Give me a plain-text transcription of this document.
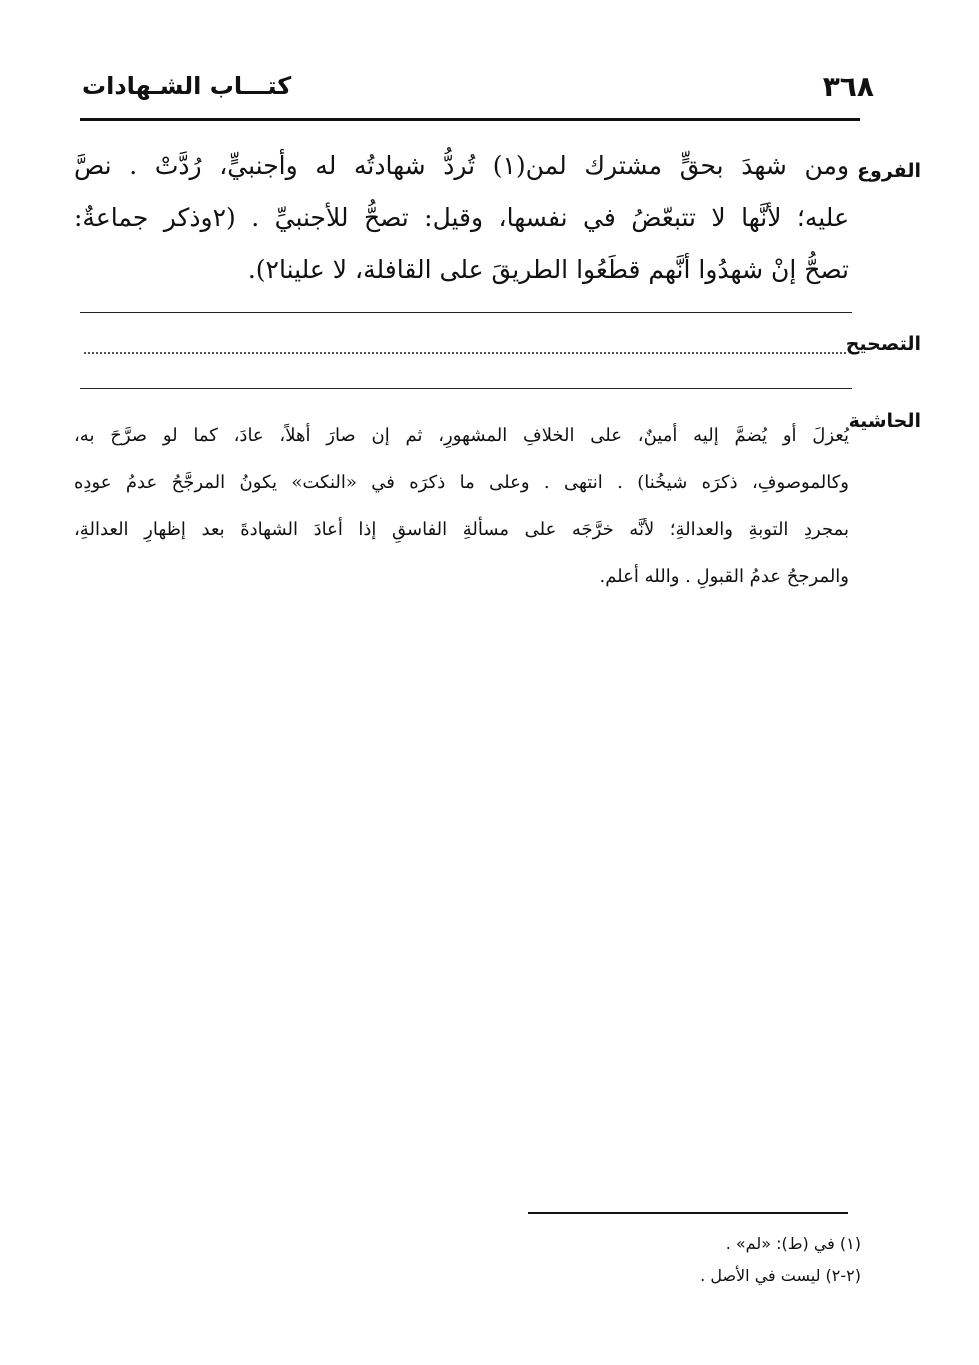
٣٦٨
كتـــاب الشـهادات
الفروع
التصحيح
الحاشية
ومن شهدَ بحقٍّ مشترك لمن(١) تُردُّ شهادتُه له وأجنبيٍّ، رُدَّتْ . نصَّ
عليه؛ لأنَّها لا تتبعّضُ في نفسها، وقيل: تصحُّ للأجنبيِّ . (٢وذكر جماعةٌ:
تصحُّ إنْ شهدُوا أنَّهم قطَعُوا الطريقَ على القافلة، لا علينا٢).
يُعزلَ أو يُضمَّ إليه أمينٌ، على الخلافِ المشهورِ، ثم إن صارَ أهلاً، عادَ، كما لو صرَّحَ به،
وكالموصوفِ، ذكرَه شيخُنا) . انتهى . وعلى ما ذكرَه في «النكت» يكونُ المرجَّحُ عدمُ عودِه
بمجردِ التوبةِ والعدالةِ؛ لأنَّه خرَّجَه على مسألةِ الفاسقِ إذا أعادَ الشهادةَ بعد إظهارِ العدالةِ،
والمرجحُ عدمُ القبولِ . والله أعلم.
(١) في (ط): «لم» .
(٢-٢) ليست في الأصل .
